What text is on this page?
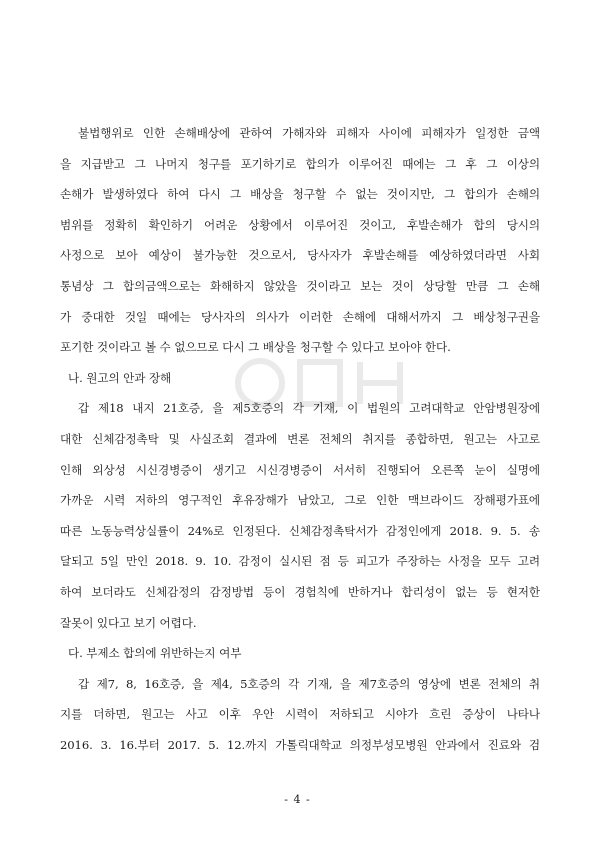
불법행위로 인한 손해배상에 관하여 가해자와 피해자 사이에 피해자가 일정한 금액
을 지급받고 그 나머지 청구를 포기하기로 합의가 이루어진 때에는 그 후 그 이상의
손해가 발생하였다 하여 다시 그 배상을 청구할 수 없는 것이지만, 그 합의가 손해의
범위를 정확히 확인하기 어려운 상황에서 이루어진 것이고, 후발손해가 합의 당시의
사정으로 보아 예상이 불가능한 것으로서, 당사자가 후발손해를 예상하였더라면 사회
통념상 그 합의금액으로는 화해하지 않았을 것이라고 보는 것이 상당할 만큼 그 손해
가 중대한 것일 때에는 당사자의 의사가 이러한 손해에 대해서까지 그 배상청구권을
포기한 것이라고 볼 수 없으므로 다시 그 배상을 청구할 수 있다고 보아야 한다.
나. 원고의 안과 장해
갑 제18 내지 21호증, 을 제5호증의 각 기재, 이 법원의 고려대학교 안암병원장에
대한 신체감정촉탁 및 사실조회 결과에 변론 전체의 취지를 종합하면, 원고는 사고로
인해 외상성 시신경병증이 생기고 시신경병증이 서서히 진행되어 오른쪽 눈이 실명에
가까운 시력 저하의 영구적인 후유장해가 남았고, 그로 인한 맥브라이드 장해평가표에
따른 노동능력상실률이 24%로 인정된다. 신체감정촉탁서가 감정인에게 2018. 9. 5. 송
달되고 5일 만인 2018. 9. 10. 감정이 실시된 점 등 피고가 주장하는 사정을 모두 고려
하여 보더라도 신체감정의 감정방법 등이 경험칙에 반하거나 합리성이 없는 등 현저한
잘못이 있다고 보기 어렵다.
다. 부제소 합의에 위반하는지 여부
갑 제7, 8, 16호증, 을 제4, 5호증의 각 기재, 을 제7호증의 영상에 변론 전체의 취
지를 더하면, 원고는 사고 이후 우안 시력이 저하되고 시야가 흐린 증상이 나타나
2016. 3. 16.부터 2017. 5. 12.까지 가톨릭대학교 의정부성모병원 안과에서 진료와 검
- 4 -
